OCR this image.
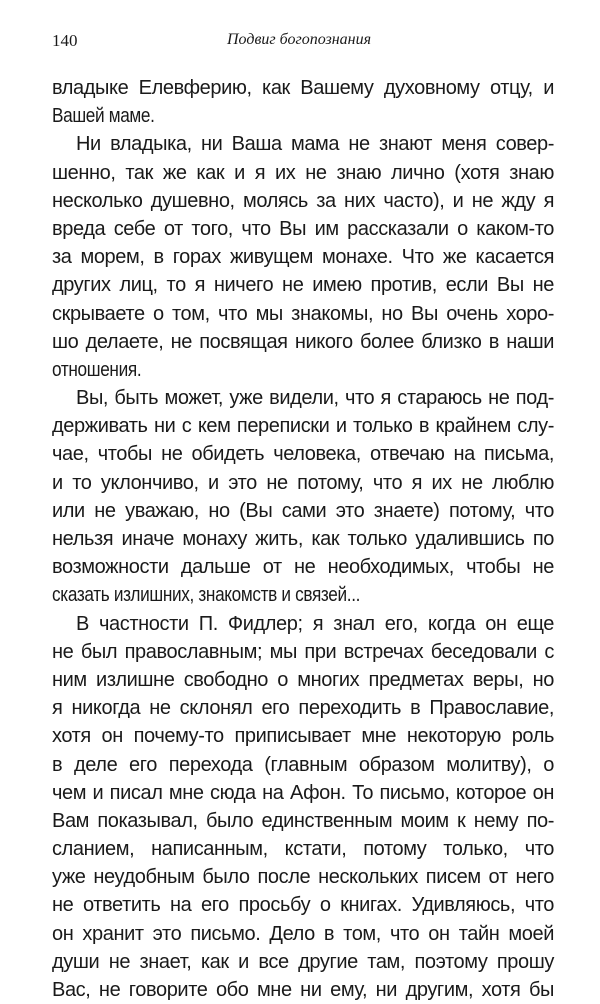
140	Подвиг богопознания
владыке Елевферию, как Вашему духовному отцу, и
Вашей маме.
Ни владыка, ни Ваша мама не знают меня совер-
шенно, так же как и я их не знаю лично (хотя знаю
несколько душевно, молясь за них часто), и не жду я
вреда себе от того, что Вы им рассказали о каком-то
за морем, в горах живущем монахе. Что же касается
других лиц, то я ничего не имею против, если Вы не
скрываете о том, что мы знакомы, но Вы очень хоро-
шо делаете, не посвящая никого более близко в наши
отношения.
Вы, быть может, уже видели, что я стараюсь не под-
держивать ни с кем переписки и только в крайнем слу-
чае, чтобы не обидеть человека, отвечаю на письма,
и то уклончиво, и это не потому, что я их не люблю
или не уважаю, но (Вы сами это знаете) потому, что
нельзя иначе монаху жить, как только удалившись по
возможности дальше от не необходимых, чтобы не
сказать излишних, знакомств и связей...
В частности П. Фидлер; я знал его, когда он еще
не был православным; мы при встречах беседовали с
ним излишне свободно о многих предметах веры, но
я никогда не склонял его переходить в Православие,
хотя он почему-то приписывает мне некоторую роль
в деле его перехода (главным образом молитву), о
чем и писал мне сюда на Афон. То письмо, которое он
Вам показывал, было единственным моим к нему по-
сланием, написанным, кстати, потому только, что
уже неудобным было после нескольких писем от него
не ответить на его просьбу о книгах. Удивляюсь, что
он хранит это письмо. Дело в том, что он тайн моей
души не знает, как и все другие там, поэтому прошу
Вас, не говорите обо мне ни ему, ни другим, хотя бы
